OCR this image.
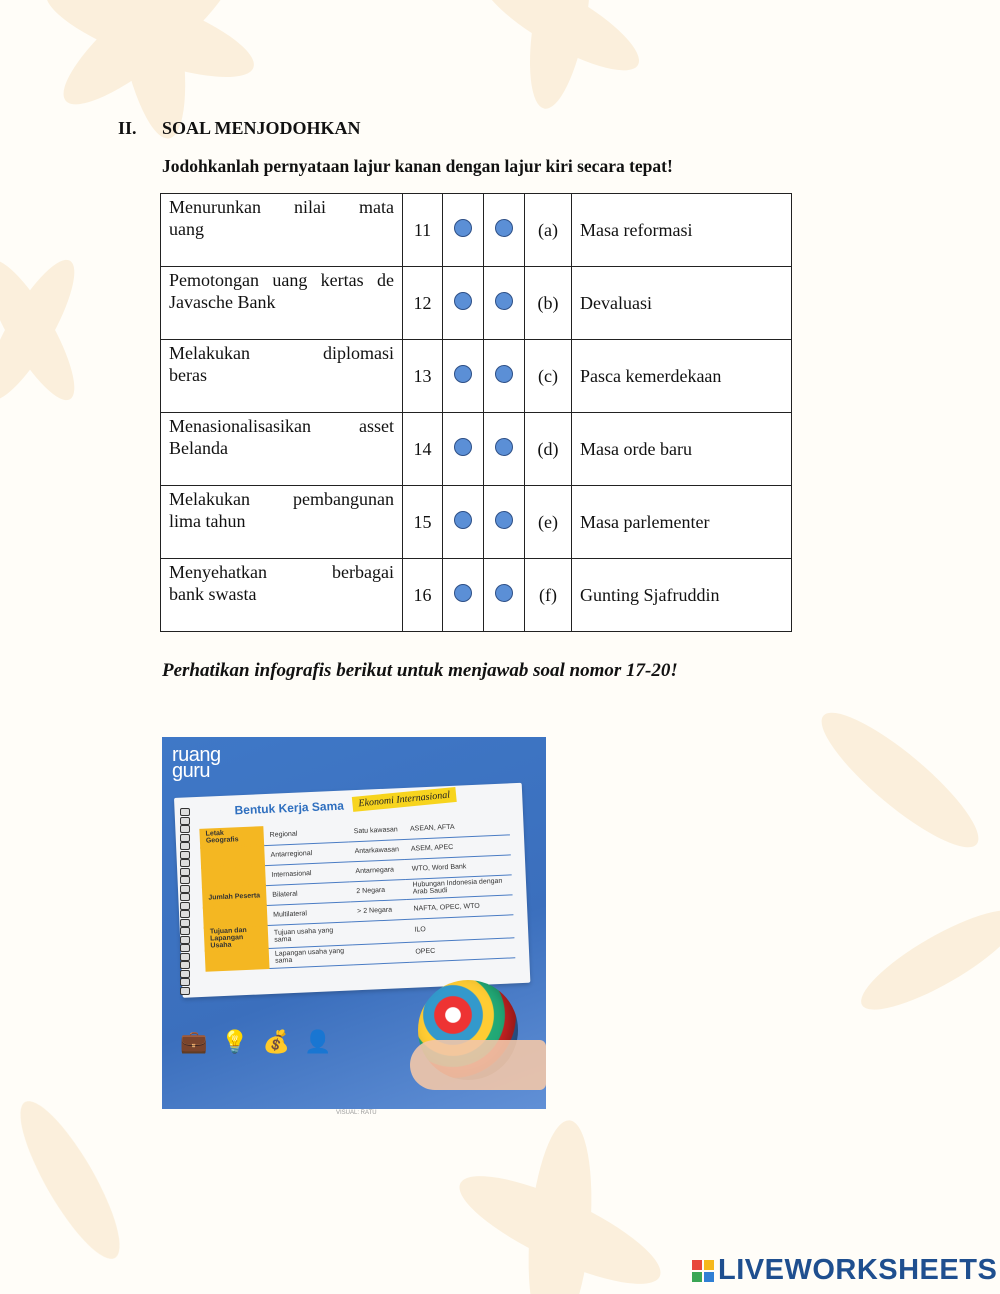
II. SOAL MENJODOHKAN
Jodohkanlah pernyataan lajur kanan dengan lajur kiri secara tepat!
Menurunkan nilai mata
uang	11			(a)	Masa reformasi
Pemotongan uang kertas de
Javasche Bank	12			(b)	Devaluasi
Melakukan diplomasi
beras	13			(c)	Pasca kemerdekaan
Menasionalisasikan asset
Belanda	14			(d)	Masa orde baru
Melakukan pembangunan
lima tahun	15			(e)	Masa parlementer
Menyehatkan berbagai
bank swasta	16			(f)	Gunting Sjafruddin
Perhatikan infografis berikut untuk menjawab soal nomor 17-20!
ruang
guru
Bentuk Kerja Sama	Ekonomi Internasional
Letak Geografis	Regional	Satu kawasan	ASEAN, AFTA
	Antarregional	Antarkawasan	ASEM, APEC
	Internasional	Antarnegara	WTO, Word Bank
Jumlah Peserta	Bilateral	2 Negara	Hubungan Indonesia dengan Arab Saudi
	Multilateral	> 2 Negara	NAFTA, OPEC, WTO
Tujuan dan Lapangan Usaha	Tujuan usaha yang sama		ILO
	Lapangan usaha yang sama		OPEC
💼  💡  💰  👤
VISUAL: RATU
LIVEWORKSHEETS
